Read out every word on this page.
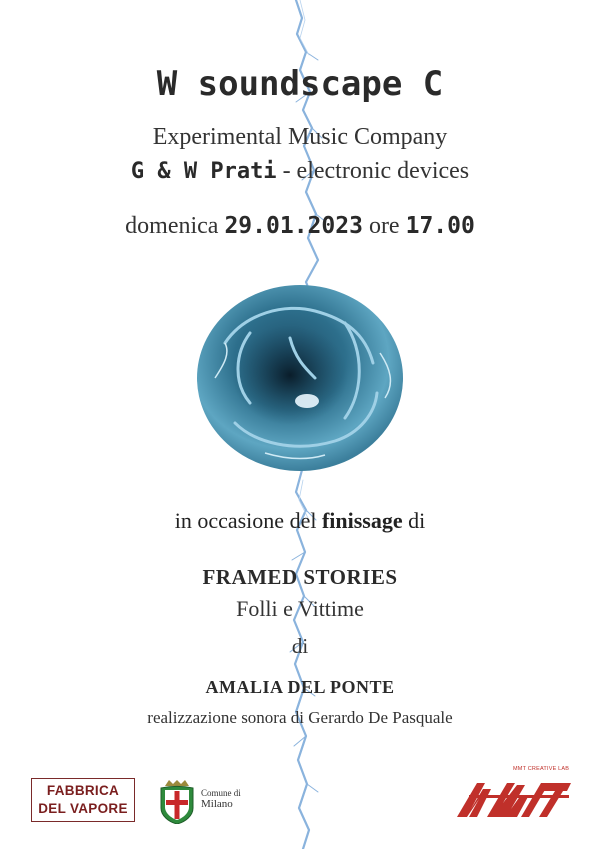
W soundscape C
Experimental Music Company
G & W Prati - electronic devices
domenica 29.01.2023 ore 17.00
in occasione del finissage di
FRAMED STORIES
Folli e Vittime
di
AMALIA DEL PONTE
realizzazione sonora di Gerardo De Pasquale
FABBRICA
DEL VAPORE
Comune di
Milano
MMT CREATIVE LAB
